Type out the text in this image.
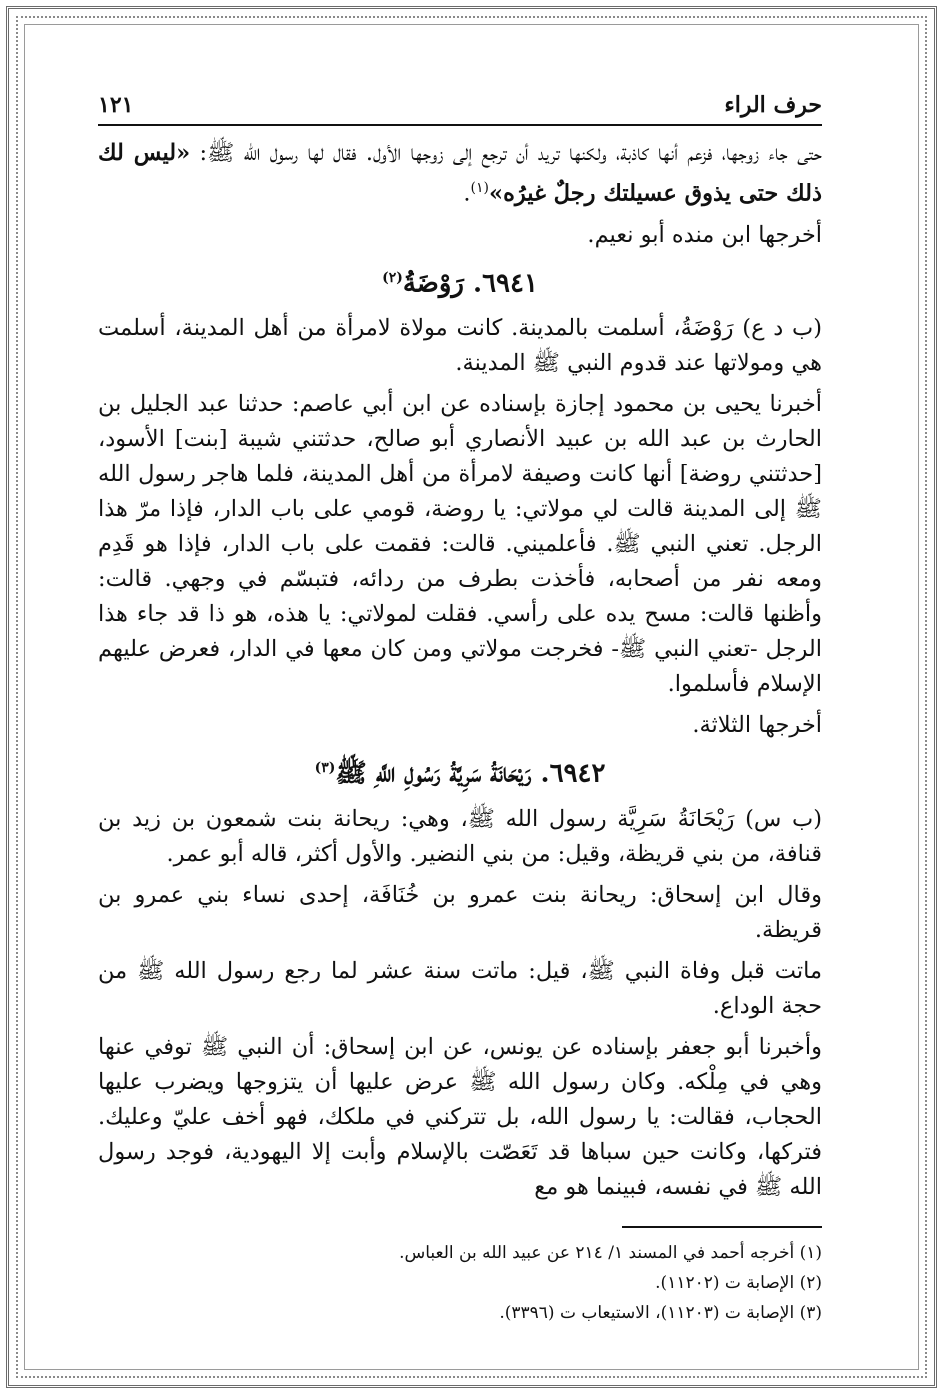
حرف الراء
١٢١

حتى جاء زوجها، فزعم أنها كاذبة، ولكنها تريد أن ترجع إلى زوجها الأول. فقال لها رسول الله ﷺ: «ليس لك ذلك حتى يذوق عسيلتك رجلٌ غيرُه»$^{(١)}$.

أخرجها ابن منده أبو نعيم.

٦٩٤١. رَوْضَةُ$^{(٢)}$

(ب د ع) رَوْضَةُ، أسلمت بالمدينة. كانت مولاة لامرأة من أهل المدينة، أسلمت هي ومولاتها عند قدوم النبي ﷺ المدينة.

أخبرنا يحيى بن محمود إجازة بإسناده عن ابن أبي عاصم: حدثنا عبد الجليل بن الحارث بن عبد الله بن عبيد الأنصاري أبو صالح، حدثتني شيبة [بنت] الأسود، [حدثتني روضة] أنها كانت وصيفة لامرأة من أهل المدينة، فلما هاجر رسول الله ﷺ إلى المدينة قالت لي مولاتي: يا روضة، قومي على باب الدار، فإذا مرّ هذا الرجل. تعني النبي ﷺ. فأعلميني. قالت: فقمت على باب الدار، فإذا هو قَدِم ومعه نفر من أصحابه، فأخذت بطرف من ردائه، فتبسّم في وجهي. قالت: وأظنها قالت: مسح يده على رأسي. فقلت لمولاتي: يا هذه، هو ذا قد جاء هذا الرجل -تعني النبي ﷺ- فخرجت مولاتي ومن كان معها في الدار، فعرض عليهم الإسلام فأسلموا.

أخرجها الثلاثة.

٦٩٤٢. رَيْحَانَةُ سَرِيَّةُ رَسُولِ اللَّهِ ﷺ$^{(٣)}$

(ب س) رَيْحَانَةُ سَرِيَّة رسول الله ﷺ، وهي: ريحانة بنت شمعون بن زيد بن قنافة، من بني قريظة، وقيل: من بني النضير. والأول أكثر، قاله أبو عمر.

وقال ابن إسحاق: ريحانة بنت عمرو بن خُنَافَة، إحدى نساء بني عمرو بن قريظة.

ماتت قبل وفاة النبي ﷺ، قيل: ماتت سنة عشر لما رجع رسول الله ﷺ من حجة الوداع.

وأخبرنا أبو جعفر بإسناده عن يونس، عن ابن إسحاق: أن النبي ﷺ توفي عنها وهي في مِلْكه. وكان رسول الله ﷺ عرض عليها أن يتزوجها ويضرب عليها الحجاب، فقالت: يا رسول الله، بل تتركني في ملكك، فهو أخف عليّ وعليك. فتركها، وكانت حين سباها قد تَعَصّت بالإسلام وأبت إلا اليهودية، فوجد رسول الله ﷺ في نفسه، فبينما هو مع

(١) أخرجه أحمد في المسند ١/ ٢١٤ عن عبيد الله بن العباس.

(٢) الإصابة ت (١١٢٠٢).

(٣) الإصابة ت (١١٢٠٣)، الاستيعاب ت (٣٣٩٦).
